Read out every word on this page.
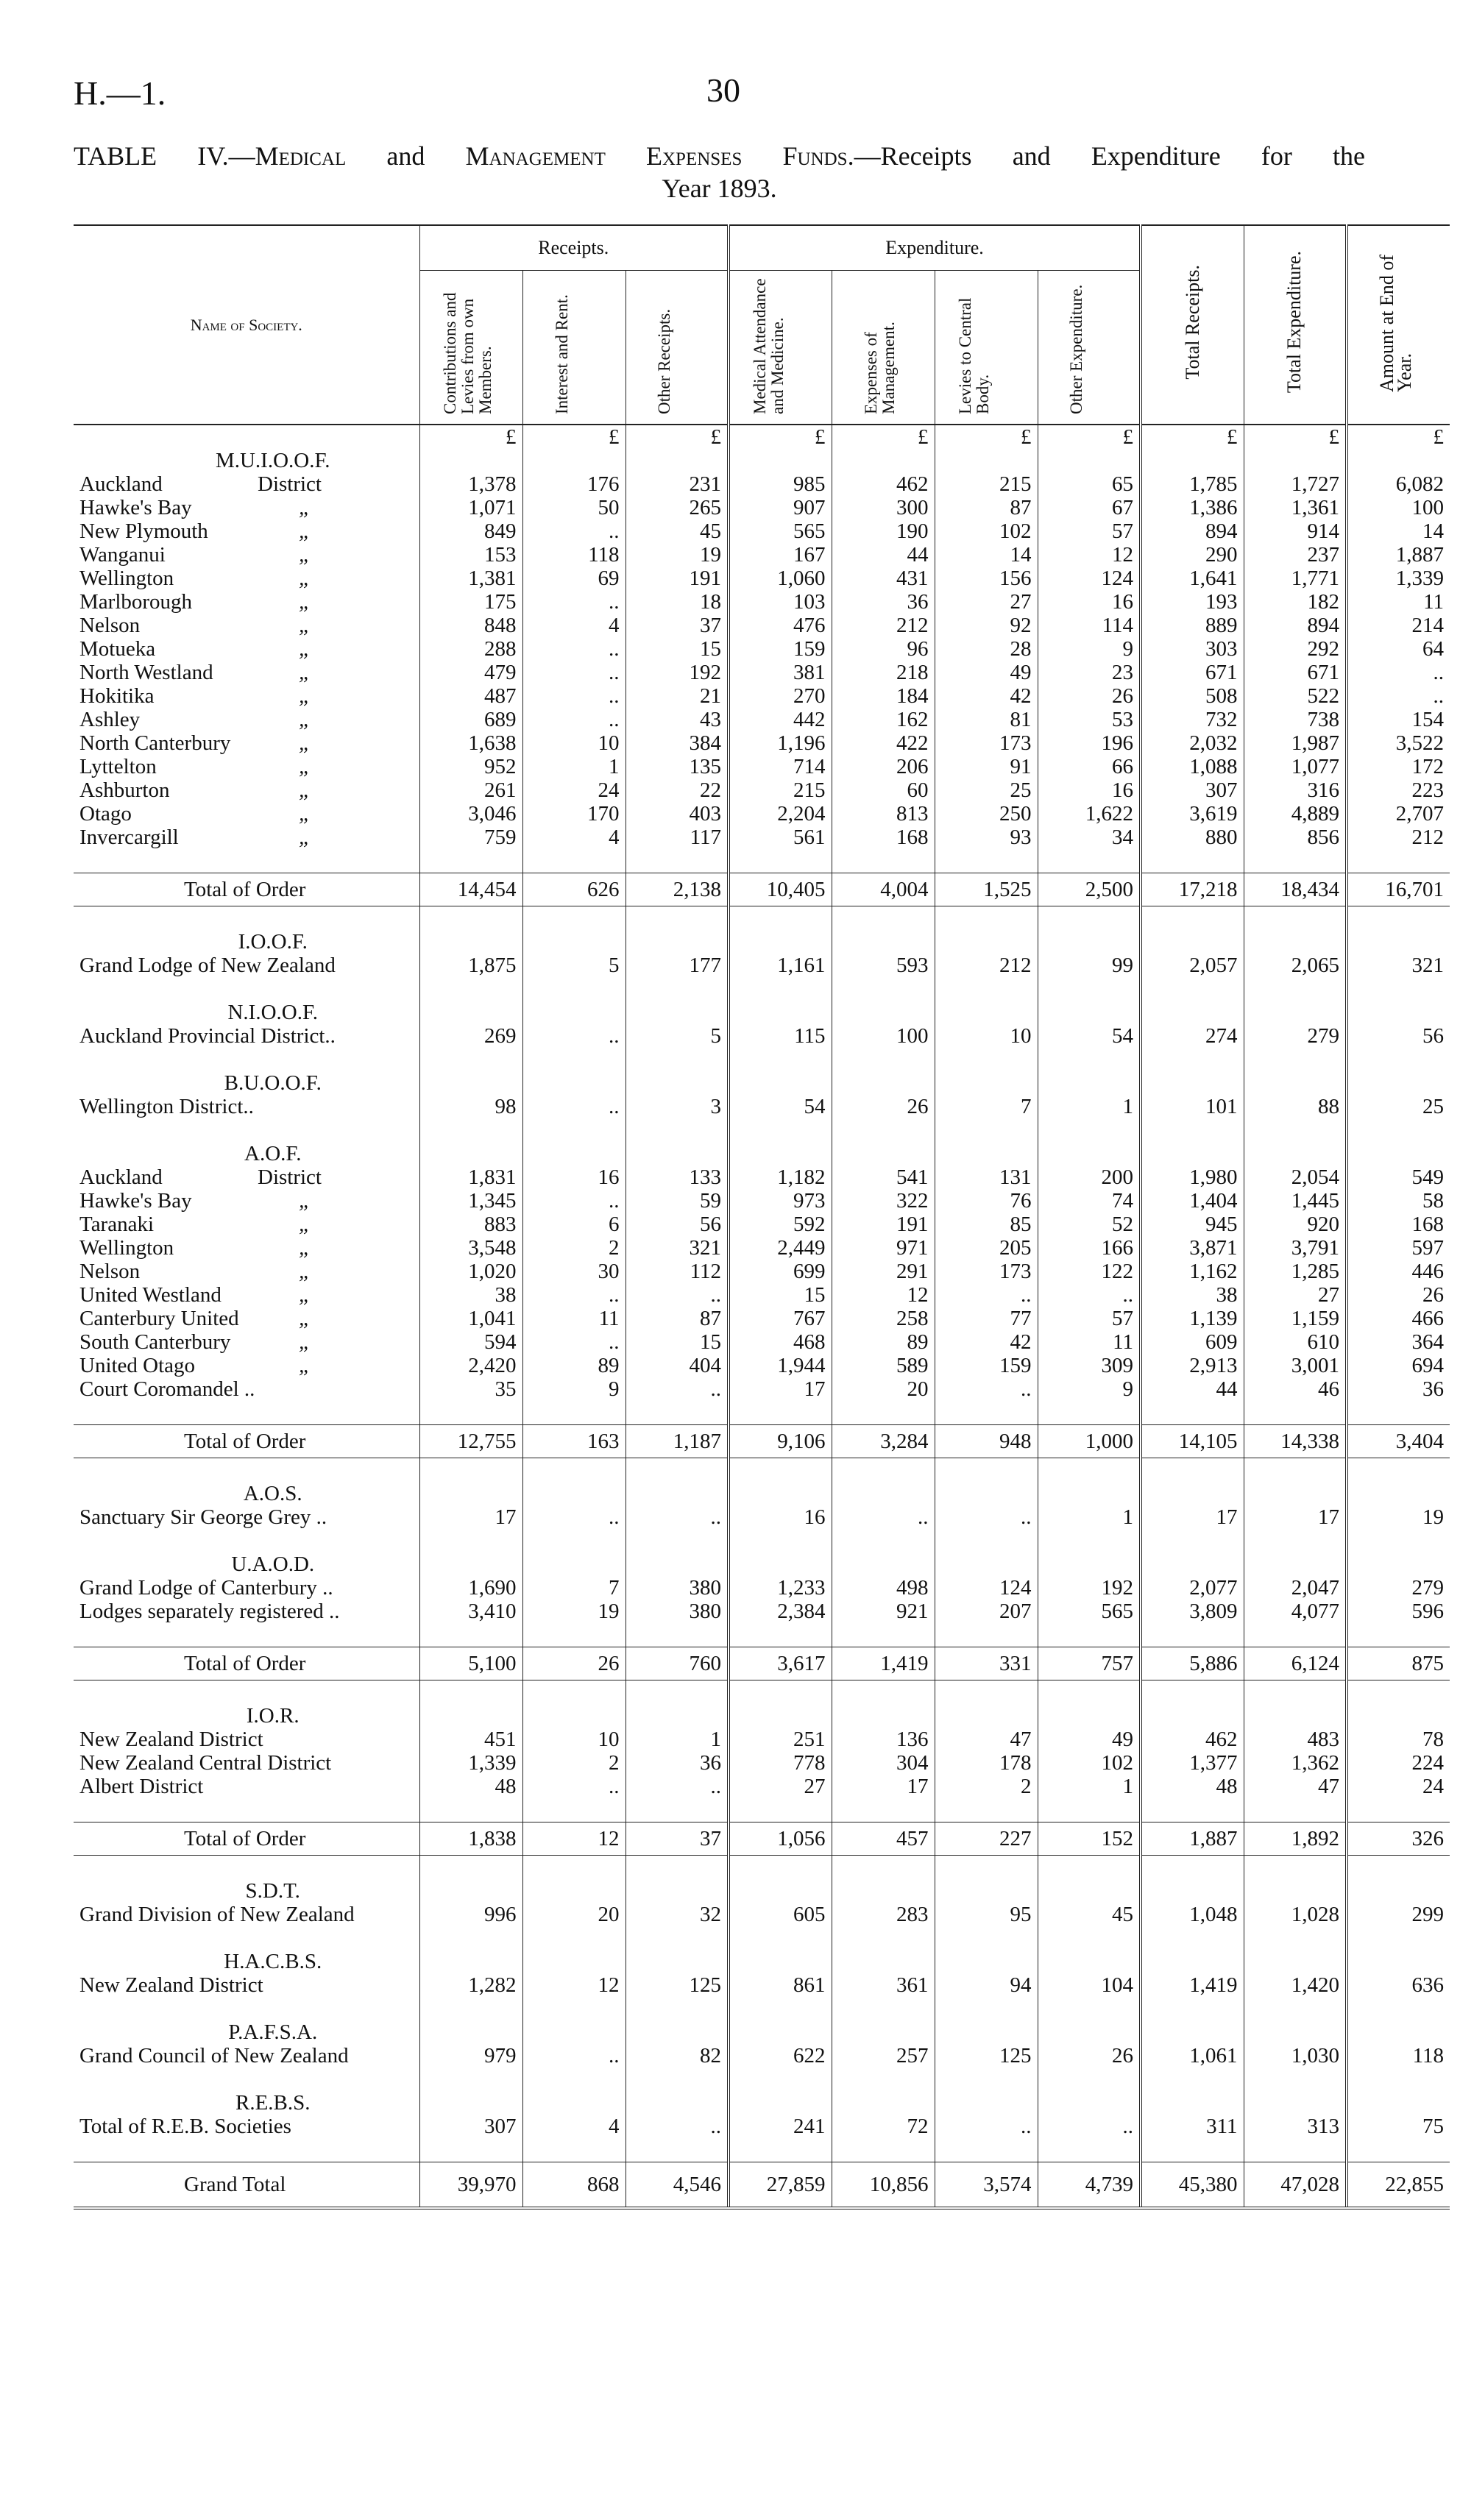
H.—1.	30
TABLE IV.—Medical and Management Expenses Funds.—Receipts and Expenditure for the
Year 1893.
Name of Society.	Receipts.			Expenditure.				Total Receipts.	Total Expenditure.	Amount at End of Year.
	Contributions and Levies from own Members.	Interest and Rent.	Other Receipts.	Medical Attendance and Medicine.	Expenses of Management.	Levies to Central Body.	Other Expenditure.			
	£	£	£	£	£	£	£	£	£	£
M.U.I.O.O.F.										
Auckland District	1,378	176	231	985	462	215	65	1,785	1,727	6,082
Hawke's Bay „	1,071	50	265	907	300	87	67	1,386	1,361	100
New Plymouth „	849	..	45	565	190	102	57	894	914	14
Wanganui „	153	118	19	167	44	14	12	290	237	1,887
Wellington „	1,381	69	191	1,060	431	156	124	1,641	1,771	1,339
Marlborough „	175	..	18	103	36	27	16	193	182	11
Nelson „	848	4	37	476	212	92	114	889	894	214
Motueka „	288	..	15	159	96	28	9	303	292	64
North Westland „	479	..	192	381	218	49	23	671	671	..
Hokitika „	487	..	21	270	184	42	26	508	522	..
Ashley „	689	..	43	442	162	81	53	732	738	154
North Canterbury „	1,638	10	384	1,196	422	173	196	2,032	1,987	3,522
Lyttelton „	952	1	135	714	206	91	66	1,088	1,077	172
Ashburton „	261	24	22	215	60	25	16	307	316	223
Otago „	3,046	170	403	2,204	813	250	1,622	3,619	4,889	2,707
Invercargill „	759	4	117	561	168	93	34	880	856	212

Total of Order	14,454	626	2,138	10,405	4,004	1,525	2,500	17,218	18,434	16,701

I.O.O.F.										
Grand Lodge of New Zealand	1,875	5	177	1,161	593	212	99	2,057	2,065	321

N.I.O.O.F.										
Auckland Provincial District..	269	..	5	115	100	10	54	274	279	56

B.U.O.O.F.										
Wellington District..	98	..	3	54	26	7	1	101	88	25

A.O.F.										
Auckland District	1,831	16	133	1,182	541	131	200	1,980	2,054	549
Hawke's Bay „	1,345	..	59	973	322	76	74	1,404	1,445	58
Taranaki „	883	6	56	592	191	85	52	945	920	168
Wellington „	3,548	2	321	2,449	971	205	166	3,871	3,791	597
Nelson „	1,020	30	112	699	291	173	122	1,162	1,285	446
United Westland „	38	..	..	15	12	..	..	38	27	26
Canterbury United „	1,041	11	87	767	258	77	57	1,139	1,159	466
South Canterbury „	594	..	15	468	89	42	11	609	610	364
United Otago „	2,420	89	404	1,944	589	159	309	2,913	3,001	694
Court Coromandel ..	35	9	..	17	20	..	9	44	46	36

Total of Order	12,755	163	1,187	9,106	3,284	948	1,000	14,105	14,338	3,404

A.O.S.										
Sanctuary Sir George Grey ..	17	..	..	16	..	..	1	17	17	19

U.A.O.D.										
Grand Lodge of Canterbury ..	1,690	7	380	1,233	498	124	192	2,077	2,047	279
Lodges separately registered ..	3,410	19	380	2,384	921	207	565	3,809	4,077	596

Total of Order	5,100	26	760	3,617	1,419	331	757	5,886	6,124	875

I.O.R.										
New Zealand District	451	10	1	251	136	47	49	462	483	78
New Zealand Central District	1,339	2	36	778	304	178	102	1,377	1,362	224
Albert District	48	..	..	27	17	2	1	48	47	24

Total of Order	1,838	12	37	1,056	457	227	152	1,887	1,892	326

S.D.T.										
Grand Division of New Zealand	996	20	32	605	283	95	45	1,048	1,028	299

H.A.C.B.S.										
New Zealand District	1,282	12	125	861	361	94	104	1,419	1,420	636

P.A.F.S.A.										
Grand Council of New Zealand	979	..	82	622	257	125	26	1,061	1,030	118

R.E.B.S.										
Total of R.E.B. Societies	307	4	..	241	72	..	..	311	313	75

Grand Total	39,970	868	4,546	27,859	10,856	3,574	4,739	45,380	47,028	22,855
